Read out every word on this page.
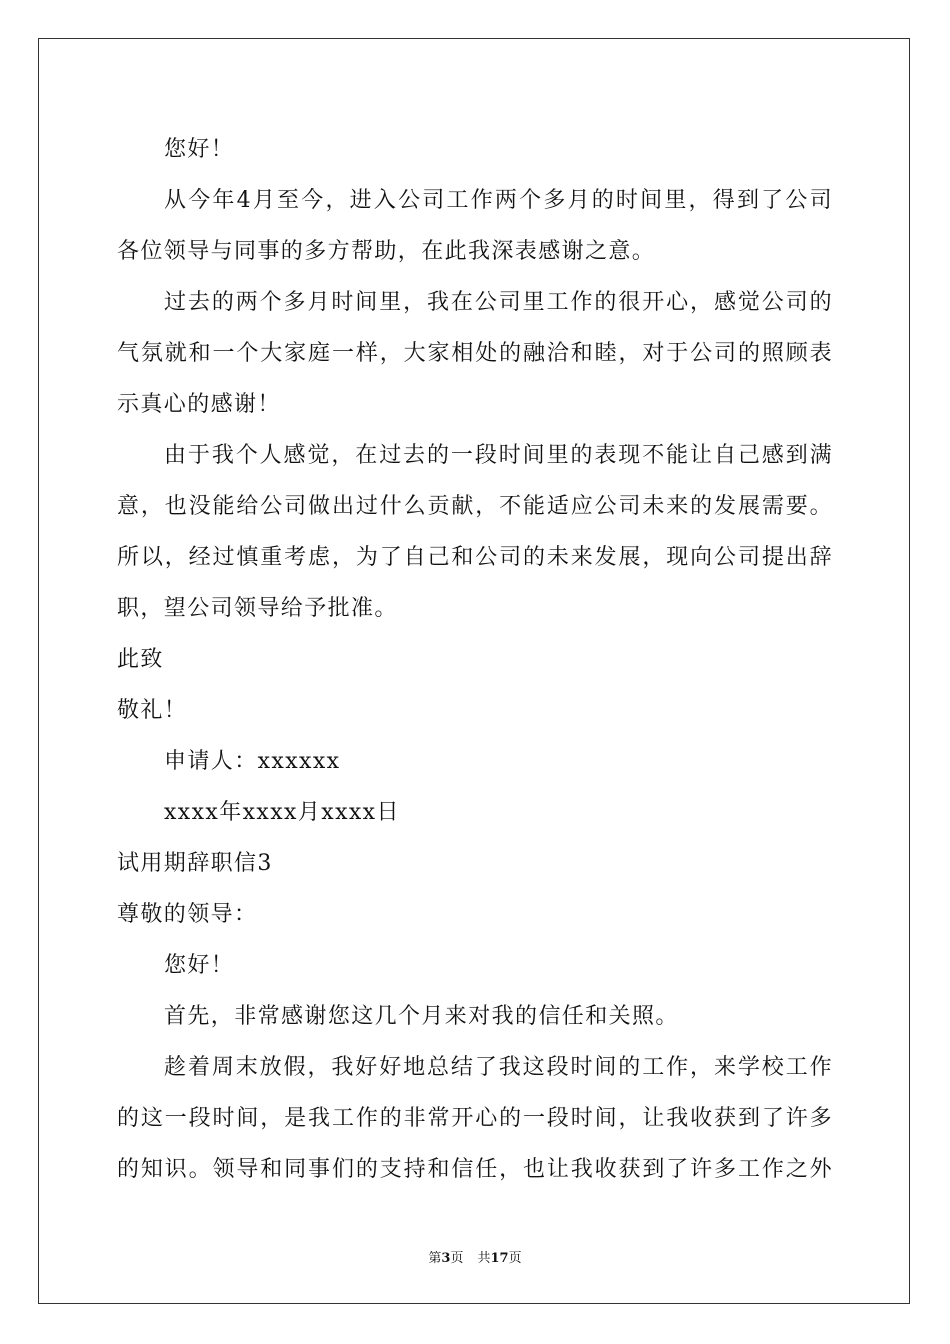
您好！
从今年4月至今，进入公司工作两个多月的时间里，得到了公司
各位领导与同事的多方帮助，在此我深表感谢之意。
过去的两个多月时间里，我在公司里工作的很开心，感觉公司的
气氛就和一个大家庭一样，大家相处的融洽和睦，对于公司的照顾表
示真心的感谢！
由于我个人感觉，在过去的一段时间里的表现不能让自己感到满
意，也没能给公司做出过什么贡献，不能适应公司未来的发展需要。
所以，经过慎重考虑，为了自己和公司的未来发展，现向公司提出辞
职，望公司领导给予批准。
此致
敬礼！
申请人：xxxxxx
xxxx年xxxx月xxxx日
试用期辞职信3
尊敬的领导：
您好！
首先，非常感谢您这几个月来对我的信任和关照。
趁着周末放假，我好好地总结了我这段时间的工作，来学校工作
的这一段时间，是我工作的非常开心的一段时间，让我收获到了许多
的知识。领导和同事们的支持和信任，也让我收获到了许多工作之外
第3页 共17页
